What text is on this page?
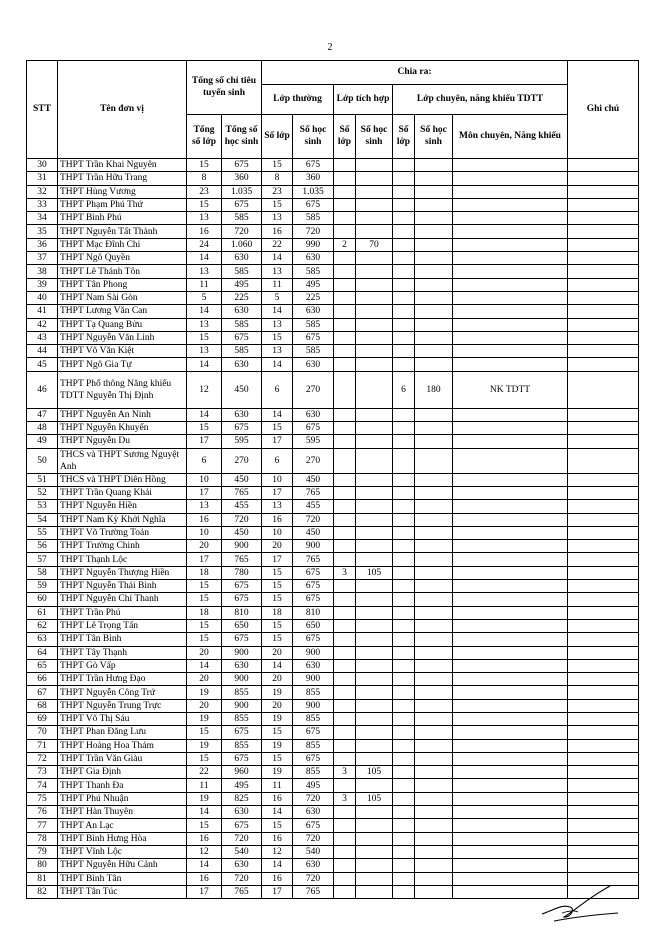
2
STT	Tên đơn vị	Tổng số chỉ tiêu tuyển sinh		Chia ra:							Ghi chú
				Lớp thường		Lớp tích hợp		Lớp chuyên, năng khiếu TDTT			
		Tổng số lớp	Tổng số học sinh	Số lớp	Số học sinh	Số lớp	Số học sinh	Số lớp	Số học sinh	Môn chuyên, Năng khiếu	
30	THPT Trần Khai Nguyên	15	675	15	675						
31	THPT Trần Hữu Trang	8	360	8	360						
32	THPT Hùng Vương	23	1.035	23	1.035						
33	THPT Phạm Phú Thứ	15	675	15	675						
34	THPT Bình Phú	13	585	13	585						
35	THPT Nguyễn Tất Thành	16	720	16	720						
36	THPT Mạc Đĩnh Chi	24	1.060	22	990	2	70				
37	THPT Ngô Quyền	14	630	14	630						
38	THPT Lê Thánh Tôn	13	585	13	585						
39	THPT Tân Phong	11	495	11	495						
40	THPT Nam Sài Gòn	5	225	5	225						
41	THPT Lương Văn Can	14	630	14	630						
42	THPT Tạ Quang Bửu	13	585	13	585						
43	THPT Nguyễn Văn Linh	15	675	15	675						
44	THPT Võ Văn Kiệt	13	585	13	585						
45	THPT Ngô Gia Tự	14	630	14	630						
46	THPT Phổ thông Năng khiếu TDTT Nguyễn Thị Định	12	450	6	270			6	180	NK TDTT	
47	THPT Nguyễn An Ninh	14	630	14	630						
48	THPT Nguyễn Khuyến	15	675	15	675						
49	THPT Nguyễn Du	17	595	17	595						
50	THCS và THPT Sương Nguyệt Anh	6	270	6	270						
51	THCS và THPT Diên Hồng	10	450	10	450						
52	THPT Trần Quang Khải	17	765	17	765						
53	THPT Nguyễn Hiền	13	455	13	455						
54	THPT Nam Kỳ Khởi Nghĩa	16	720	16	720						
55	THPT Võ Trường Toản	10	450	10	450						
56	THPT Trường Chinh	20	900	20	900						
57	THPT Thạnh Lộc	17	765	17	765						
58	THPT Nguyễn Thượng Hiền	18	780	15	675	3	105				
59	THPT Nguyễn Thái Bình	15	675	15	675						
60	THPT Nguyễn Chí Thanh	15	675	15	675						
61	THPT Trần Phú	18	810	18	810						
62	THPT Lê Trọng Tấn	15	650	15	650						
63	THPT Tân Bình	15	675	15	675						
64	THPT Tây Thạnh	20	900	20	900						
65	THPT Gò Vấp	14	630	14	630						
66	THPT Trần Hưng Đạo	20	900	20	900						
67	THPT Nguyễn Công Trứ	19	855	19	855						
68	THPT Nguyễn Trung Trực	20	900	20	900						
69	THPT Võ Thị Sáu	19	855	19	855						
70	THPT Phan Đăng Lưu	15	675	15	675						
71	THPT Hoàng Hoa Thám	19	855	19	855						
72	THPT Trần Văn Giàu	15	675	15	675						
73	THPT Gia Định	22	960	19	855	3	105				
74	THPT Thanh Đa	11	495	11	495						
75	THPT Phú Nhuận	19	825	16	720	3	105				
76	THPT Hàn Thuyên	14	630	14	630						
77	THPT An Lạc	15	675	15	675						
78	THPT Bình Hưng Hòa	16	720	16	720						
79	THPT Vĩnh Lộc	12	540	12	540						
80	THPT Nguyễn Hữu Cảnh	14	630	14	630						
81	THPT Bình Tân	16	720	16	720						
82	THPT Tân Túc	17	765	17	765						
